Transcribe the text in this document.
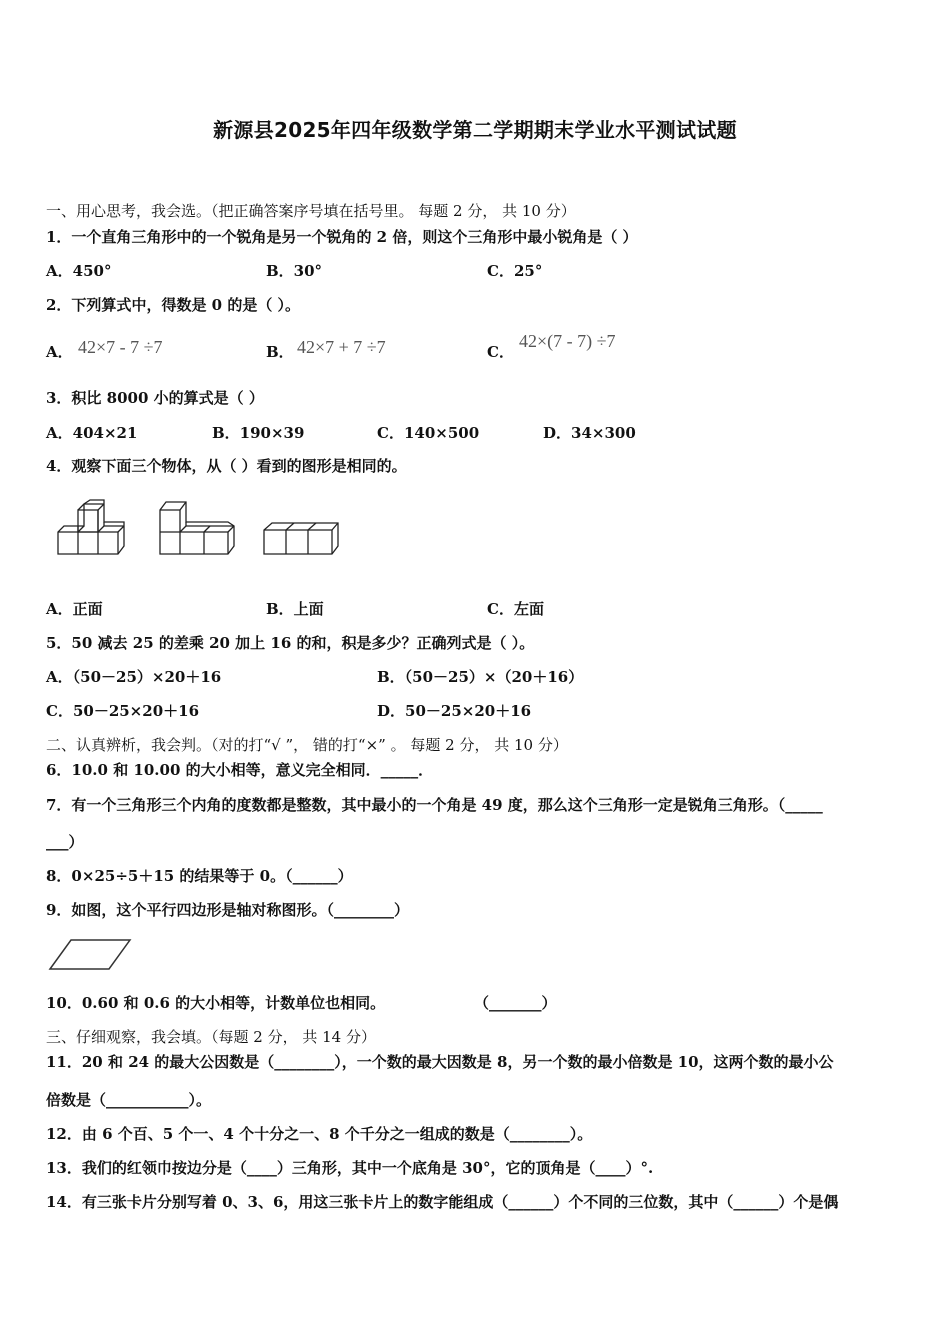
新源县2025年四年级数学第二学期期末学业水平测试试题
一、用心思考，我会选。（把正确答案序号填在括号里。 每题 2 分， 共 10 分）
1．一个直角三角形中的一个锐角是另一个锐角的 2 倍，则这个三角形中最小锐角是（ ）
A．450°	B．30°	C．25°
2．下列算式中，得数是 0 的是（ ）。
A． 42×7 - 7 ÷7	B． 42×7 + 7 ÷7	C．
42×(7 - 7) ÷7
3．积比 8000 小的算式是（ ）
A．404×21	B．190×39	C．140×500	D．34×300
4．观察下面三个物体，从（ ）看到的图形是相同的。
A．正面	B．上面	C．左面
5．50 减去 25 的差乘 20 加上 16 的和，积是多少？正确列式是（ ）。
A．（50－25）×20＋16	B．（50－25）×（20＋16）
C．50－25×20＋16	D．50－25×20＋16
二、认真辨析，我会判。（对的打“√ ”， 错的打“×” 。 每题 2 分， 共 10 分）
6．10.0 和 10.00 的大小相等，意义完全相同．_____．
7．有一个三角形三个内角的度数都是整数，其中最小的一个角是 49 度，那么这个三角形一定是锐角三角形。（_____
___）
8．0×25÷5＋15 的结果等于 0。（______）
9．如图，这个平行四边形是轴对称图形。（________）
10．0.60 和 0.6 的大小相等，计数单位也相同。	（_______）
三、仔细观察，我会填。（每题 2 分， 共 14 分）
11．20 和 24 的最大公因数是（________），一个数的最大因数是 8，另一个数的最小倍数是 10，这两个数的最小公
倍数是（___________）。
12．由 6 个百、5 个一、4 个十分之一、8 个千分之一组成的数是（________）。
13．我们的红领巾按边分是（____）三角形，其中一个底角是 30°，它的顶角是（____）°.
14．有三张卡片分别写着 0、3、6，用这三张卡片上的数字能组成（______）个不同的三位数，其中（______）个是偶
